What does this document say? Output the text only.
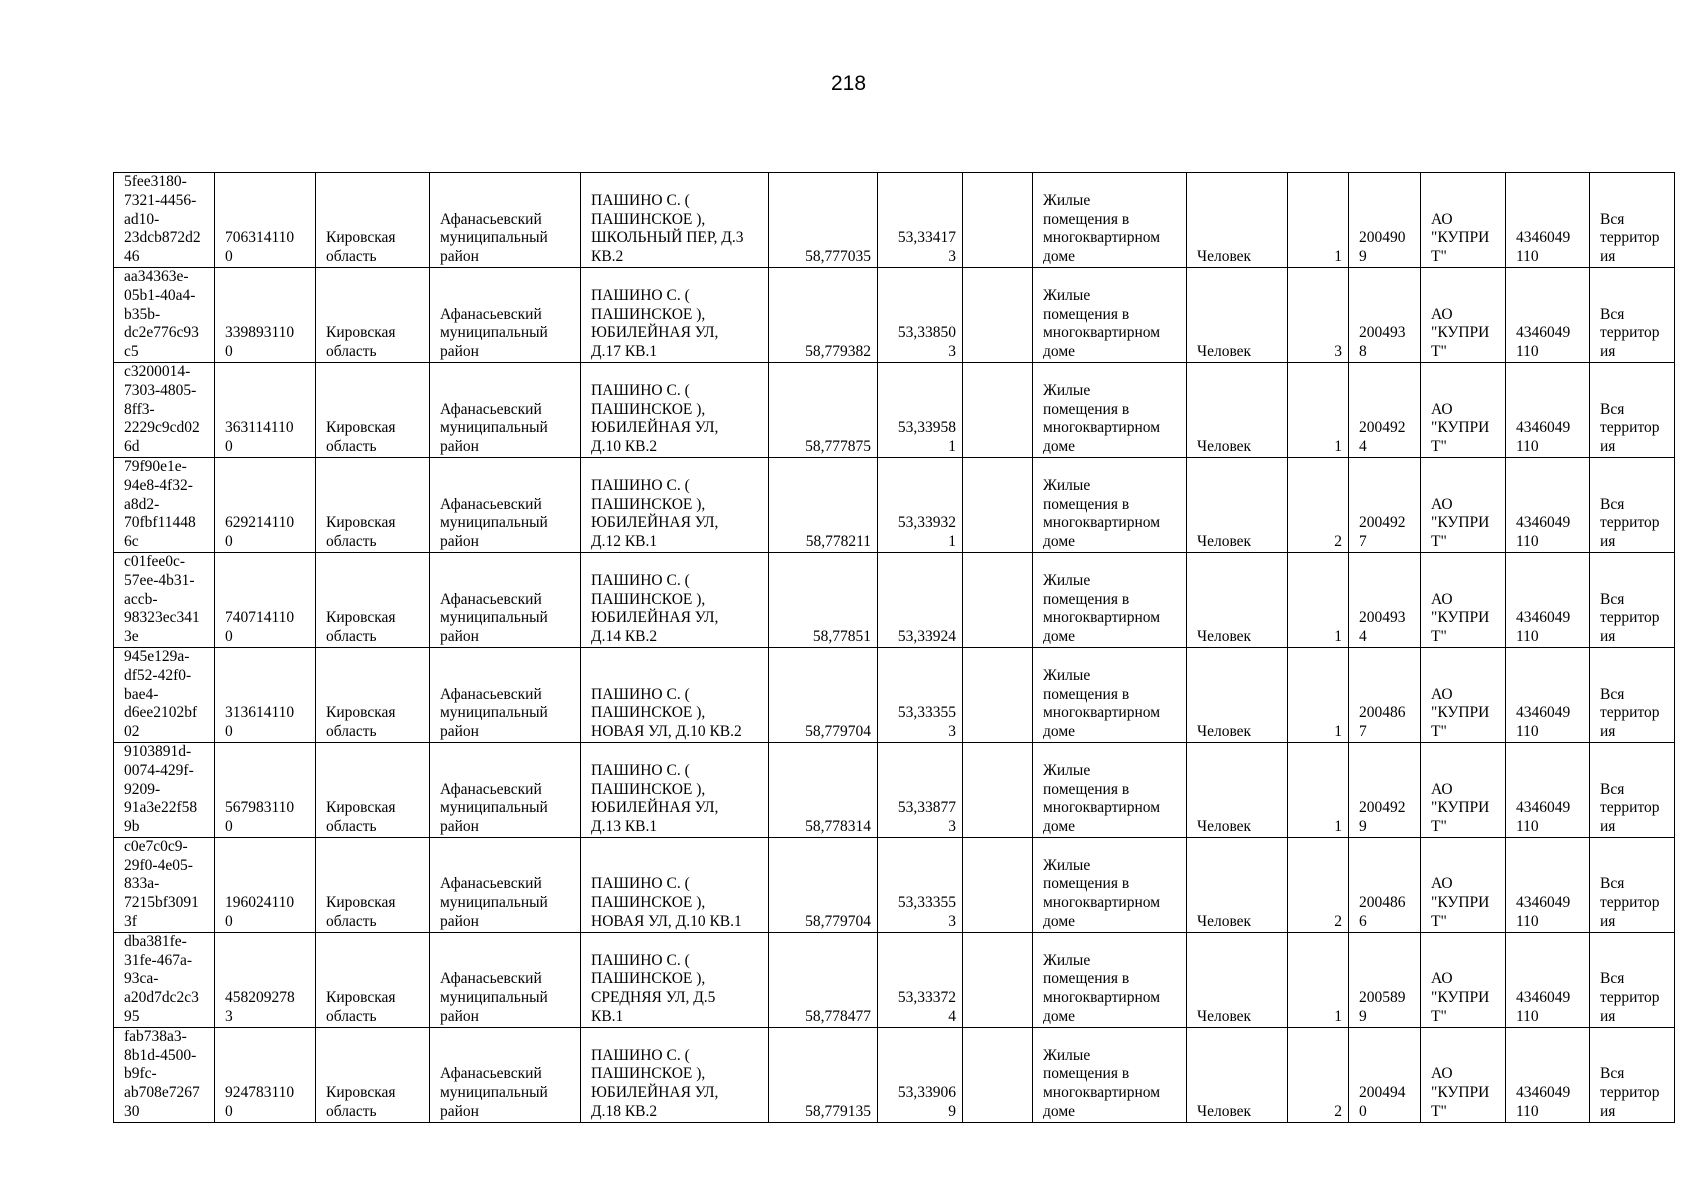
218
5fee3180-
7321-4456-
ad10-
23dcb872d2
46	706314110
0	Кировская
область	Афанасьевский
муниципальный
район	ПАШИНО С. (
ПАШИНСКОЕ ),
ШКОЛЬНЫЙ ПЕР, Д.3
КВ.2	58,777035	53,33417
3		Жилые
помещения в
многоквартирном
доме	Человек	1	200490
9	АО
"КУПРИ
Т"	4346049
110	Вся
территор
ия

aa34363e-
05b1-40a4-
b35b-
dc2e776c93
c5	339893110
0	Кировская
область	Афанасьевский
муниципальный
район	ПАШИНО С. (
ПАШИНСКОЕ ),
ЮБИЛЕЙНАЯ УЛ,
Д.17 КВ.1	58,779382	53,33850
3		Жилые
помещения в
многоквартирном
доме	Человек	3	200493
8	АО
"КУПРИ
Т"	4346049
110	Вся
территор
ия

c3200014-
7303-4805-
8ff3-
2229c9cd02
6d	363114110
0	Кировская
область	Афанасьевский
муниципальный
район	ПАШИНО С. (
ПАШИНСКОЕ ),
ЮБИЛЕЙНАЯ УЛ,
Д.10 КВ.2	58,777875	53,33958
1		Жилые
помещения в
многоквартирном
доме	Человек	1	200492
4	АО
"КУПРИ
Т"	4346049
110	Вся
территор
ия

79f90e1e-
94e8-4f32-
a8d2-
70fbf11448
6c	629214110
0	Кировская
область	Афанасьевский
муниципальный
район	ПАШИНО С. (
ПАШИНСКОЕ ),
ЮБИЛЕЙНАЯ УЛ,
Д.12 КВ.1	58,778211	53,33932
1		Жилые
помещения в
многоквартирном
доме	Человек	2	200492
7	АО
"КУПРИ
Т"	4346049
110	Вся
территор
ия

c01fee0c-
57ee-4b31-
accb-
98323ec341
3e	740714110
0	Кировская
область	Афанасьевский
муниципальный
район	ПАШИНО С. (
ПАШИНСКОЕ ),
ЮБИЛЕЙНАЯ УЛ,
Д.14 КВ.2	58,77851	53,33924		Жилые
помещения в
многоквартирном
доме	Человек	1	200493
4	АО
"КУПРИ
Т"	4346049
110	Вся
территор
ия

945e129a-
df52-42f0-
bae4-
d6ee2102bf
02	313614110
0	Кировская
область	Афанасьевский
муниципальный
район	ПАШИНО С. (
ПАШИНСКОЕ ),
НОВАЯ УЛ, Д.10 КВ.2	58,779704	53,33355
3		Жилые
помещения в
многоквартирном
доме	Человек	1	200486
7	АО
"КУПРИ
Т"	4346049
110	Вся
территор
ия

9103891d-
0074-429f-
9209-
91a3e22f58
9b	567983110
0	Кировская
область	Афанасьевский
муниципальный
район	ПАШИНО С. (
ПАШИНСКОЕ ),
ЮБИЛЕЙНАЯ УЛ,
Д.13 КВ.1	58,778314	53,33877
3		Жилые
помещения в
многоквартирном
доме	Человек	1	200492
9	АО
"КУПРИ
Т"	4346049
110	Вся
территор
ия

c0e7c0c9-
29f0-4e05-
833a-
7215bf3091
3f	196024110
0	Кировская
область	Афанасьевский
муниципальный
район	ПАШИНО С. (
ПАШИНСКОЕ ),
НОВАЯ УЛ, Д.10 КВ.1	58,779704	53,33355
3		Жилые
помещения в
многоквартирном
доме	Человек	2	200486
6	АО
"КУПРИ
Т"	4346049
110	Вся
территор
ия

dba381fe-
31fe-467a-
93ca-
a20d7dc2c3
95	458209278
3	Кировская
область	Афанасьевский
муниципальный
район	ПАШИНО С. (
ПАШИНСКОЕ ),
СРЕДНЯЯ УЛ, Д.5
КВ.1	58,778477	53,33372
4		Жилые
помещения в
многоквартирном
доме	Человек	1	200589
9	АО
"КУПРИ
Т"	4346049
110	Вся
территор
ия

fab738a3-
8b1d-4500-
b9fc-
ab708e7267
30	924783110
0	Кировская
область	Афанасьевский
муниципальный
район	ПАШИНО С. (
ПАШИНСКОЕ ),
ЮБИЛЕЙНАЯ УЛ,
Д.18 КВ.2	58,779135	53,33906
9		Жилые
помещения в
многоквартирном
доме	Человек	2	200494
0	АО
"КУПРИ
Т"	4346049
110	Вся
территор
ия
